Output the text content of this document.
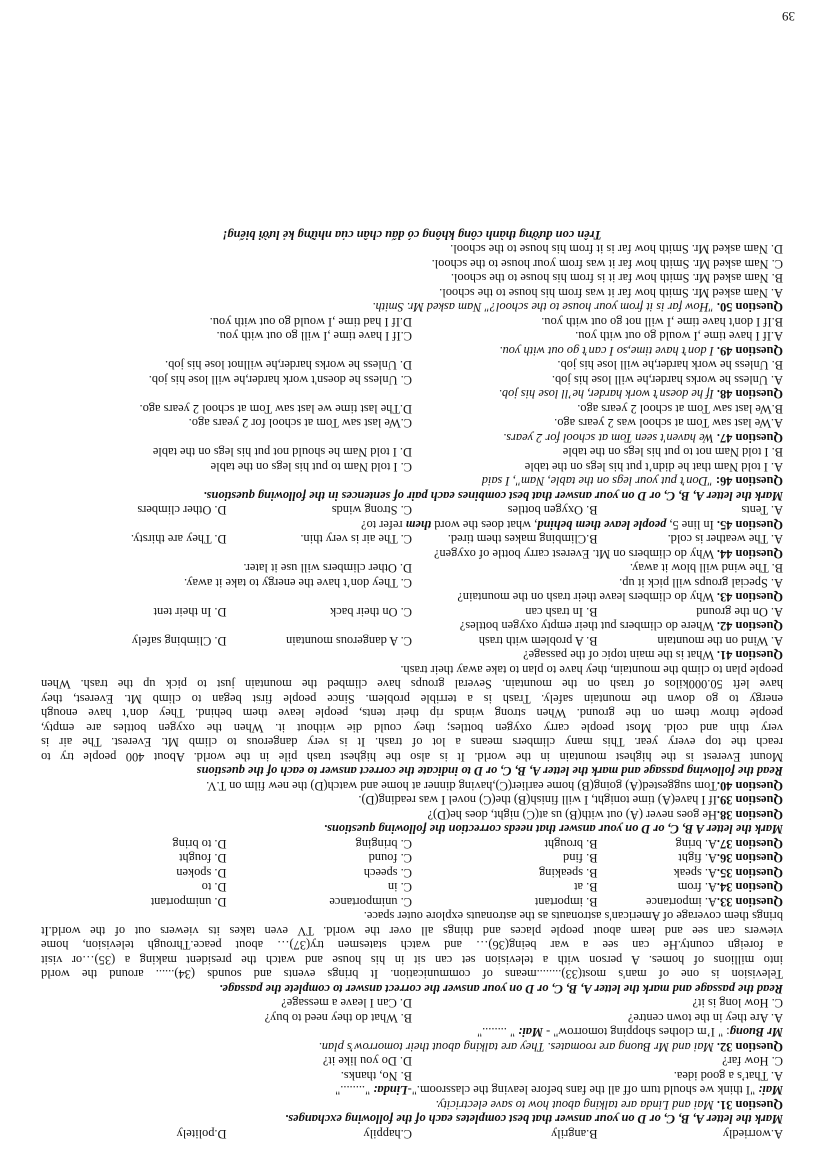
A.worriedly
B.angrily
C.happily
D.politely
Mark the letter A, B, C, or D on your answer that best completes each of the following exchanges.
Question 31. Mai and Linda are talking about how to save electricity.
Mai: "I think we should turn off all the fans before leaving the classroom."-Linda: "........"
A. That’s a good idea.
B. No, thanks.
C. How far?
D. Do you like it?
Question 32. Mai and Mr Buong are roomates. They are talking about their tomorrow’s plan.
Mr Buong: " I’m clothes shopping tomorrow" - Mai: " ........"
A. Are they in the town centre?
B. What do they need to buy?
C. How long is it?
D. Can I leave a message?
Read the passage and mark the letter A, B, C, or D on your answer the correct answer to complete the passage.
Television is one of man's most(33)........means of communication. It brings events and sounds (34)...... around the world
into millions of homes. A person with a television set can sit in his house and watch the president making a (35)…or visit
a foreign county.He can see a war being(36)… and watch statesmen try(37)… about peace.Through television, home
viewers can see and learn about people places and things all over the world. TV even takes its viewers out of the world.It
brings them coverage of American's astronauts as the astronauts explore outer space.
Question 33.A. importance
B. important
C. unimportance
D. unimportant
Question 34.A. from
B. at
C. in
D. to
Question 35.A. speak
B. speaking
C. speech
D. spoken
Question 36.A. fight
B. find
C. found
D. fought
Question 37.A. bring
B. brought
C. bringing
D. to bring
Mark the letter A B, C, or D on your answer that needs correction the following questions.
Question 38.He goes never (A) out with(B) us at(C) night, does he(D)?
Question 39.If I have(A) time tonight, I will finish(B) the(C) novel I was reading(D).
Question 40.Tom suggested(A) going(B) home earlier(C),having dinner at home and watch(D) the new film on T.V.
Read the following passage and mark the letter A, B, C, or D to indicate the correct answer to each of the questions
Mount Everest is the highest mountain in the world. It is also the highest trash pile in the world. About 400 people try to
reach the top every year. This many climbers means a lot of trash. It is very dangerous to climb Mt. Everest. The air is
very thin and cold. Most people carry oxygen bottles; they could die without it. When the oxygen bottles are empty,
people throw them on the ground. When strong winds rip their tents, people leave them behind. They don’t have enough
energy to go down the mountain safely. Trash is a terrible problem. Since people first began to climb Mt. Everest, they
have left 50.000kilos of trash on the mountain. Several groups have climbed the mountain just to pick up the trash. When
people plan to climb the mountain, they have to plan to take away their trash.
Question 41. What is the main topic of the passage?
A. Wind on the mountain
B. A problem with trash
C. A dangerous mountain
D. Climbing safely
Question 42. Where do climbers put their empty oxygen bottles?
A. On the ground
B. In trash can
C. On their back
D. In their tent
Question 43. Why do climbers leave their trash on the mountain?
A. Special groups will pick it up.
C. They don’t have the energy to take it away.
B. The wind will blow it away.
D. Other climbers will use it later.
Question 44. Why do climbers on Mt. Everest carry bottle of oxygen?
A. The weather is cold.
B.Climbing makes them tired.
C. The air is very thin.
D. They are thirsty.
Question 45. In line 5, people leave them behind, what does the word them refer to?
A. Tents
B. Oxygen bottles
C. Strong winds
D. Other climbers
Mark the letter A, B, C, or D on your answer that best combines each pair of sentences in the following questions.
Question 46: "Don’t put your legs on the table, Nam", I said
A. I told Nam that he didn’t put his legs on the table
C. I told Nam to put his legs on the table
B. I told Nam not to put his legs on the table
D. I told Nam he should not put his legs on the table
Question 47. We haven't seen Tom at school for 2 years.
A.We last saw Tom at school was 2 years ago.
C.We last saw Tom at school for 2 years ago.
B.We last saw Tom at school 2 years ago.
D.The last time we last saw Tom at school 2 years ago.
Question 48. If he doesn’t work harder, he’ll lose his job.
A. Unless he works harder,he will lose his job.
C. Unless he doesn't work harder,he will lose his job.
B. Unless he work harder,he will lose his job.
D. Unless he works harder,he willnot lose his job.
Question 49. I don’t have time,so I can’t go out with you.
A.If I have time ,I would go out with you.
C.If I have time ,I will go out with you.
B.If I don't have time ,I will not go out with you.
D.If I had time ,I would go out with you.
Question 50. "How far is it from your house to the school?" Nam asked Mr. Smith.
A. Nam asked Mr. Smith how far it was from his house to the school.
B. Nam asked Mr. Smith how far it is from his house to the school.
C. Nam asked Mr. Smith how far it was from your house to the school.
D. Nam asked Mr. Smith how far is it from his house to the school.
Trên con đường thành công không có dấu chân của những kẻ lười biếng!
39
